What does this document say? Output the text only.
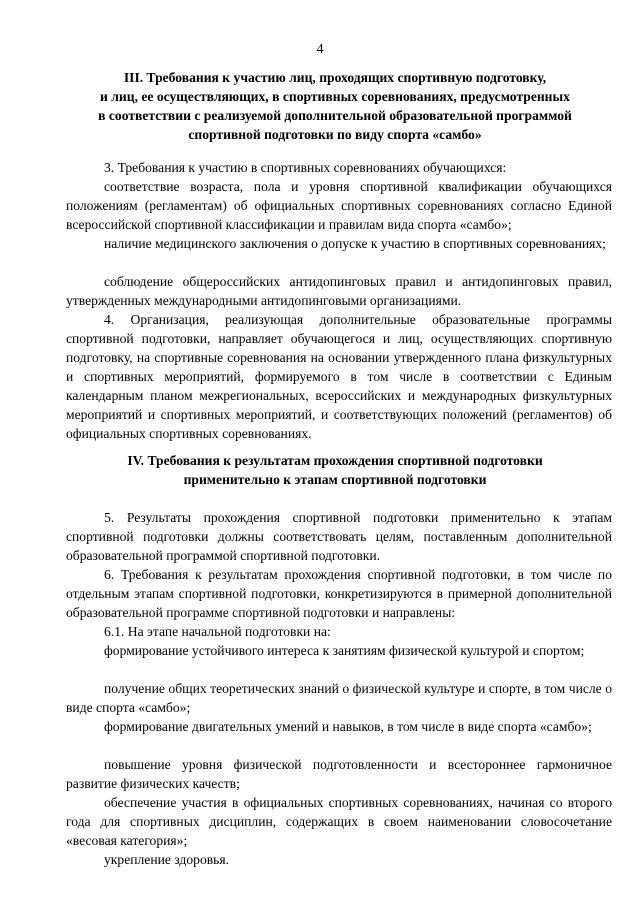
4
III. Требования к участию лиц, проходящих спортивную подготовку,
и лиц, ее осуществляющих, в спортивных соревнованиях, предусмотренных
в соответствии с реализуемой дополнительной образовательной программой
спортивной подготовки по виду спорта «самбо»

3. Требования к участию в спортивных соревнованиях обучающихся:

соответствие возраста, пола и уровня спортивной квалификации обучающихся положениям (регламентам) об официальных спортивных соревнованиях согласно Единой всероссийской спортивной классификации и правилам вида спорта «самбо»;

наличие медицинского заключения о допуске к участию в спортивных соревнованиях;

соблюдение общероссийских антидопинговых правил и антидопинговых правил, утвержденных международными антидопинговыми организациями.

4. Организация, реализующая дополнительные образовательные программы спортивной подготовки, направляет обучающегося и лиц, осуществляющих спортивную подготовку, на спортивные соревнования на основании утвержденного плана физкультурных и спортивных мероприятий, формируемого в том числе в соответствии с Единым календарным планом межрегиональных, всероссийских и международных физкультурных мероприятий и спортивных мероприятий, и соответствующих положений (регламентов) об официальных спортивных соревнованиях.

IV. Требования к результатам прохождения спортивной подготовки
применительно к этапам спортивной подготовки

5. Результаты прохождения спортивной подготовки применительно к этапам спортивной подготовки должны соответствовать целям, поставленным дополнительной образовательной программой спортивной подготовки.

6. Требования к результатам прохождения спортивной подготовки, в том числе по отдельным этапам спортивной подготовки, конкретизируются в примерной дополнительной образовательной программе спортивной подготовки и направлены:

6.1. На этапе начальной подготовки на:

формирование устойчивого интереса к занятиям физической культурой и спортом;

получение общих теоретических знаний о физической культуре и спорте, в том числе о виде спорта «самбо»;

формирование двигательных умений и навыков, в том числе в виде спорта «самбо»;

повышение уровня физической подготовленности и всестороннее гармоничное развитие физических качеств;

обеспечение участия в официальных спортивных соревнованиях, начиная со второго года для спортивных дисциплин, содержащих в своем наименовании словосочетание «весовая категория»;

укрепление здоровья.
